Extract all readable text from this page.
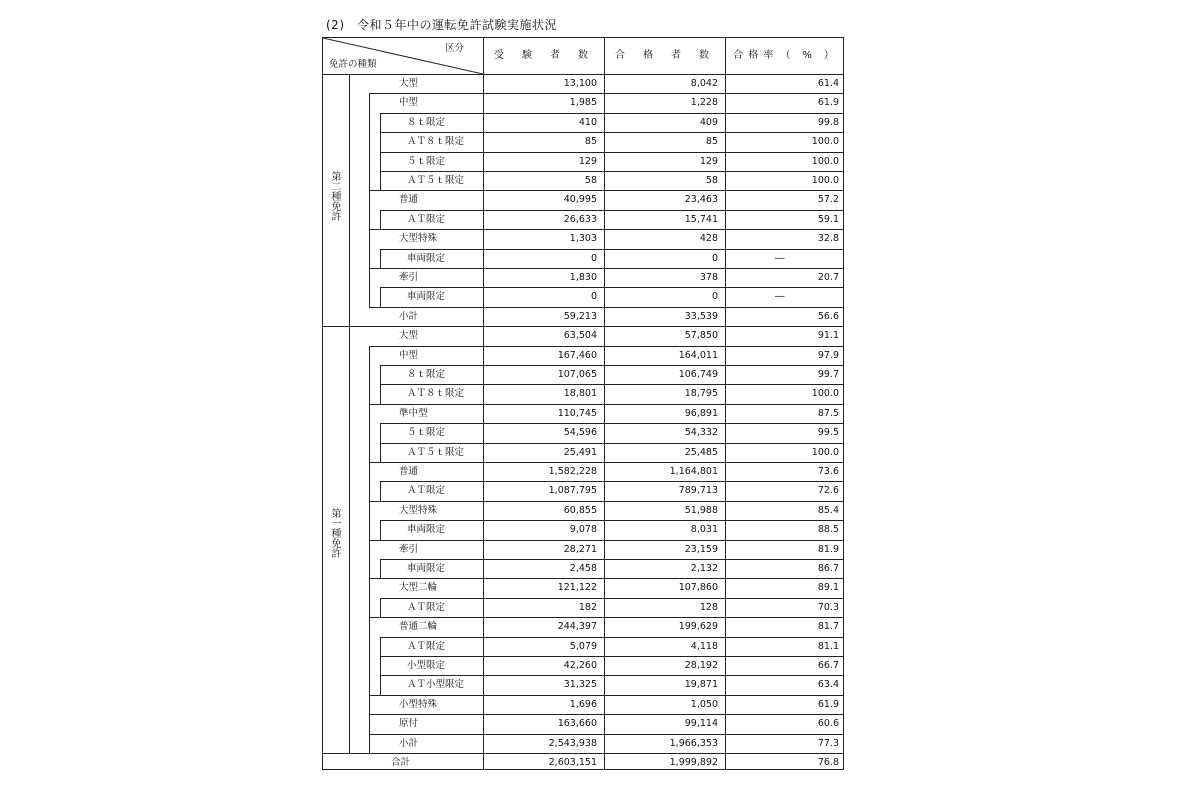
(2)　令和５年中の運転免許試験実施状況
区分
免許の種類
受　験　者　数	合　格　者　数	合 格 率　（　%　）
第二種免許
第一種免許
大型	13,100	8,042	61.4
中型	1,985	1,228	61.9
８ｔ限定	410	409	99.8
ＡＴ８ｔ限定	85	85	100.0
５ｔ限定	129	129	100.0
ＡＴ５ｔ限定	58	58	100.0
普通	40,995	23,463	57.2
ＡＴ限定	26,633	15,741	59.1
大型特殊	1,303	428	32.8
車両限定	0	0	―
牽引	1,830	378	20.7
車両限定	0	0	―
小計	59,213	33,539	56.6
大型	63,504	57,850	91.1
中型	167,460	164,011	97.9
８ｔ限定	107,065	106,749	99.7
ＡＴ８ｔ限定	18,801	18,795	100.0
準中型	110,745	96,891	87.5
５ｔ限定	54,596	54,332	99.5
ＡＴ５ｔ限定	25,491	25,485	100.0
普通	1,582,228	1,164,801	73.6
ＡＴ限定	1,087,795	789,713	72.6
大型特殊	60,855	51,988	85.4
車両限定	9,078	8,031	88.5
牽引	28,271	23,159	81.9
車両限定	2,458	2,132	86.7
大型二輪	121,122	107,860	89.1
ＡＴ限定	182	128	70.3
普通二輪	244,397	199,629	81.7
ＡＴ限定	5,079	4,118	81.1
小型限定	42,260	28,192	66.7
ＡＴ小型限定	31,325	19,871	63.4
小型特殊	1,696	1,050	61.9
原付	163,660	99,114	60.6
小計	2,543,938	1,966,353	77.3
合計	2,603,151	1,999,892	76.8
